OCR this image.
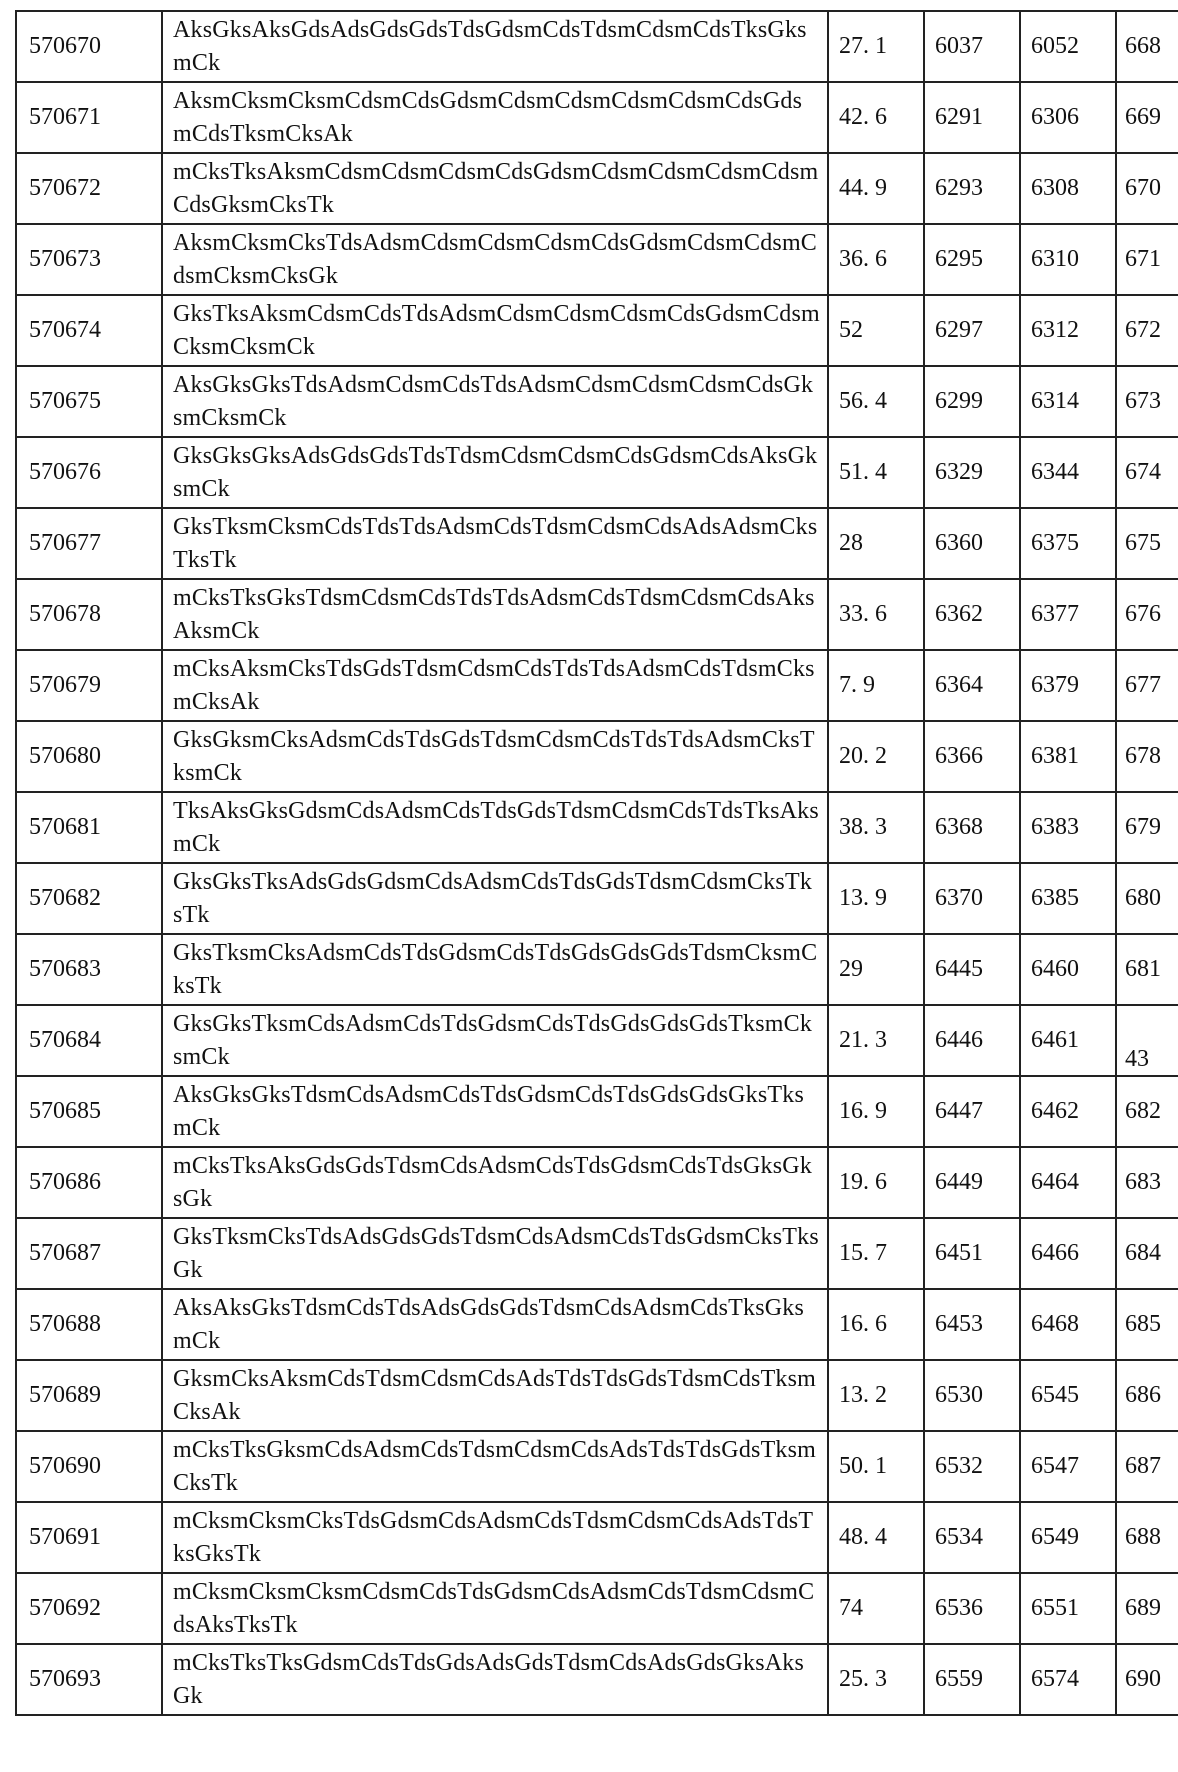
570670	AksGksAksGdsAdsGdsGdsTdsGdsmCdsTdsmCdsmCdsTksGksmCk	27. 1	6037	6052	668
570671	AksmCksmCksmCdsmCdsGdsmCdsmCdsmCdsmCdsmCdsGdsmCdsTksmCksAk	42. 6	6291	6306	669
570672	mCksTksAksmCdsmCdsmCdsmCdsGdsmCdsmCdsmCdsmCdsmCdsGksmCksTk	44. 9	6293	6308	670
570673	AksmCksmCksTdsAdsmCdsmCdsmCdsmCdsGdsmCdsmCdsmCdsmCksmCksGk	36. 6	6295	6310	671
570674	GksTksAksmCdsmCdsTdsAdsmCdsmCdsmCdsmCdsGdsmCdsmCksmCksmCk	52	6297	6312	672
570675	AksGksGksTdsAdsmCdsmCdsTdsAdsmCdsmCdsmCdsmCdsGksmCksmCk	56. 4	6299	6314	673
570676	GksGksGksAdsGdsGdsTdsTdsmCdsmCdsmCdsGdsmCdsAksGksmCk	51. 4	6329	6344	674
570677	GksTksmCksmCdsTdsTdsAdsmCdsTdsmCdsmCdsAdsAdsmCksTksTk	28	6360	6375	675
570678	mCksTksGksTdsmCdsmCdsTdsTdsAdsmCdsTdsmCdsmCdsAksAksmCk	33. 6	6362	6377	676
570679	mCksAksmCksTdsGdsTdsmCdsmCdsTdsTdsAdsmCdsTdsmCksmCksAk	7. 9	6364	6379	677
570680	GksGksmCksAdsmCdsTdsGdsTdsmCdsmCdsTdsTdsAdsmCksTksmCk	20. 2	6366	6381	678
570681	TksAksGksGdsmCdsAdsmCdsTdsGdsTdsmCdsmCdsTdsTksAksmCk	38. 3	6368	6383	679
570682	GksGksTksAdsGdsGdsmCdsAdsmCdsTdsGdsTdsmCdsmCksTksTk	13. 9	6370	6385	680
570683	GksTksmCksAdsmCdsTdsGdsmCdsTdsGdsGdsGdsTdsmCksmCksTk	29	6445	6460	681
570684	GksGksTksmCdsAdsmCdsTdsGdsmCdsTdsGdsGdsGdsTksmCksmCk	21. 3	6446	6461	43
570685	AksGksGksTdsmCdsAdsmCdsTdsGdsmCdsTdsGdsGdsGksTksmCk	16. 9	6447	6462	682
570686	mCksTksAksGdsGdsTdsmCdsAdsmCdsTdsGdsmCdsTdsGksGksGk	19. 6	6449	6464	683
570687	GksTksmCksTdsAdsGdsGdsTdsmCdsAdsmCdsTdsGdsmCksTksGk	15. 7	6451	6466	684
570688	AksAksGksTdsmCdsTdsAdsGdsGdsTdsmCdsAdsmCdsTksGksmCk	16. 6	6453	6468	685
570689	GksmCksAksmCdsTdsmCdsmCdsAdsTdsTdsGdsTdsmCdsTksmCksAk	13. 2	6530	6545	686
570690	mCksTksGksmCdsAdsmCdsTdsmCdsmCdsAdsTdsTdsGdsTksmCksTk	50. 1	6532	6547	687
570691	mCksmCksmCksTdsGdsmCdsAdsmCdsTdsmCdsmCdsAdsTdsTksGksTk	48. 4	6534	6549	688
570692	mCksmCksmCksmCdsmCdsTdsGdsmCdsAdsmCdsTdsmCdsmCdsAksTksTk	74	6536	6551	689
570693	mCksTksTksGdsmCdsTdsGdsAdsGdsTdsmCdsAdsGdsGksAksGk	25. 3	6559	6574	690
